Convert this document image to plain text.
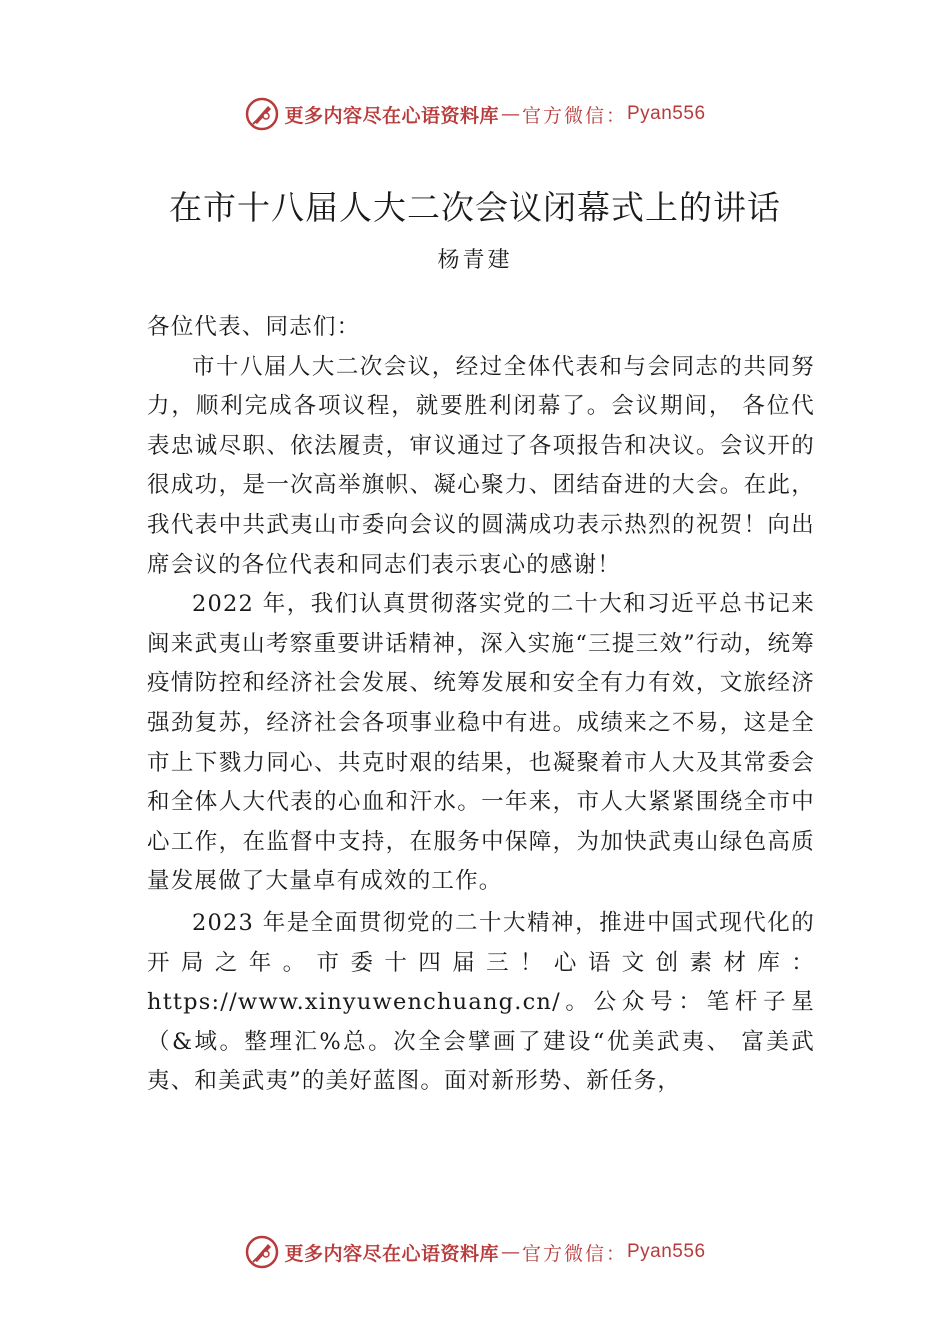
更多内容尽在心语资料库 — 官方微信： Pyan556
在市十八届人大二次会议闭幕式上的讲话
杨青建

各位代表、同志们：

市十八届人大二次会议，经过全体代表和与会同志的共同努力，顺利完成各项议程，就要胜利闭幕了。会议期间， 各位代表忠诚尽职、依法履责，审议通过了各项报告和决议。会议开的很成功，是一次高举旗帜、凝心聚力、团结奋进的大会。在此，我代表中共武夷山市委向会议的圆满成功表示热烈的祝贺！向出席会议的各位代表和同志们表示衷心的感谢！

2022 年，我们认真贯彻落实党的二十大和习近平总书记来闽来武夷山考察重要讲话精神，深入实施“三提三效”行动，统筹疫情防控和经济社会发展、统筹发展和安全有力有效，文旅经济强劲复苏，经济社会各项事业稳中有进。成绩来之不易，这是全市上下戮力同心、共克时艰的结果，也凝聚着市人大及其常委会和全体人大代表的心血和汗水。一年来，市人大紧紧围绕全市中心工作，在监督中支持，在服务中保障，为加快武夷山绿色高质量发展做了大量卓有成效的工作。

2023 年是全面贯彻党的二十大精神，推进中国式现代化的开局之年。市委十四届三！心语文创素材库：https://www.xinyuwenchuang.cn/。公众号：笔杆子星（&域。整理汇%总。次全会擘画了建设“优美武夷、 富美武夷、和美武夷”的美好蓝图。面对新形势、新任务，

更多内容尽在心语资料库 — 官方微信： Pyan556
